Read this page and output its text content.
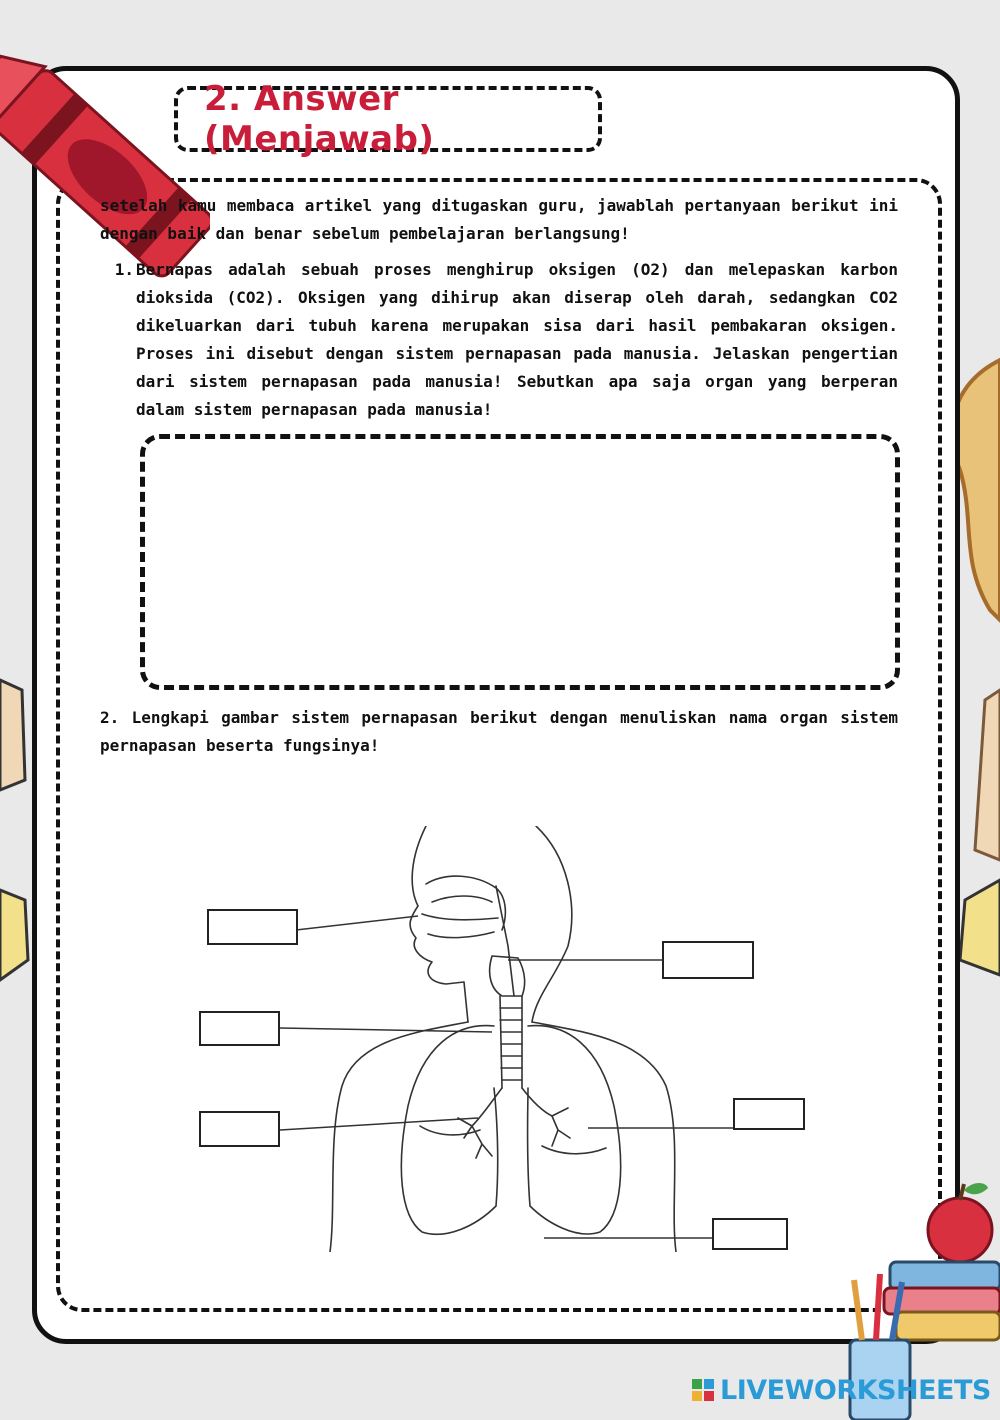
2. Answer (Menjawab)

setelah kamu membaca artikel yang ditugaskan guru, jawablah pertanyaan berikut ini dengan baik dan benar sebelum pembelajaran berlangsung!

1. Bernapas adalah sebuah proses menghirup oksigen (O2) dan melepaskan karbon dioksida (CO2). Oksigen yang dihirup akan diserap oleh darah, sedangkan CO2 dikeluarkan dari tubuh karena merupakan sisa dari hasil pembakaran oksigen. Proses ini disebut dengan sistem pernapasan pada manusia. Jelaskan pengertian dari sistem pernapasan pada manusia! Sebutkan apa saja organ yang berperan dalam sistem pernapasan pada manusia!

2. Lengkapi gambar sistem pernapasan berikut dengan menuliskan nama organ sistem pernapasan beserta fungsinya!

LIVEWORKSHEETS
